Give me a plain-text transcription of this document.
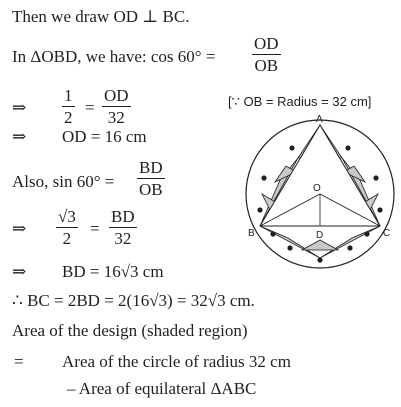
Then we draw OD ⊥ BC.
In ΔOBD, we have: $\cos 60^\circ = \frac{OD}{OB}$
⇒ $\frac{1}{2} = \frac{OD}{32}$	[∵ OB = Radius = 32 cm]
⇒ OD = 16 cm
Also, $\sin 60^\circ = \frac{BD}{OB}$
⇒ $\frac{√3}{2} = \frac{BD}{32}$
⇒ BD = 16√3 cm
∴ BC = 2BD = 2(16√3) = 32√3 cm.
Area of the design (shaded region)
= Area of the circle of radius 32 cm
– Area of equilateral ΔABC
A
B	C
O
D
